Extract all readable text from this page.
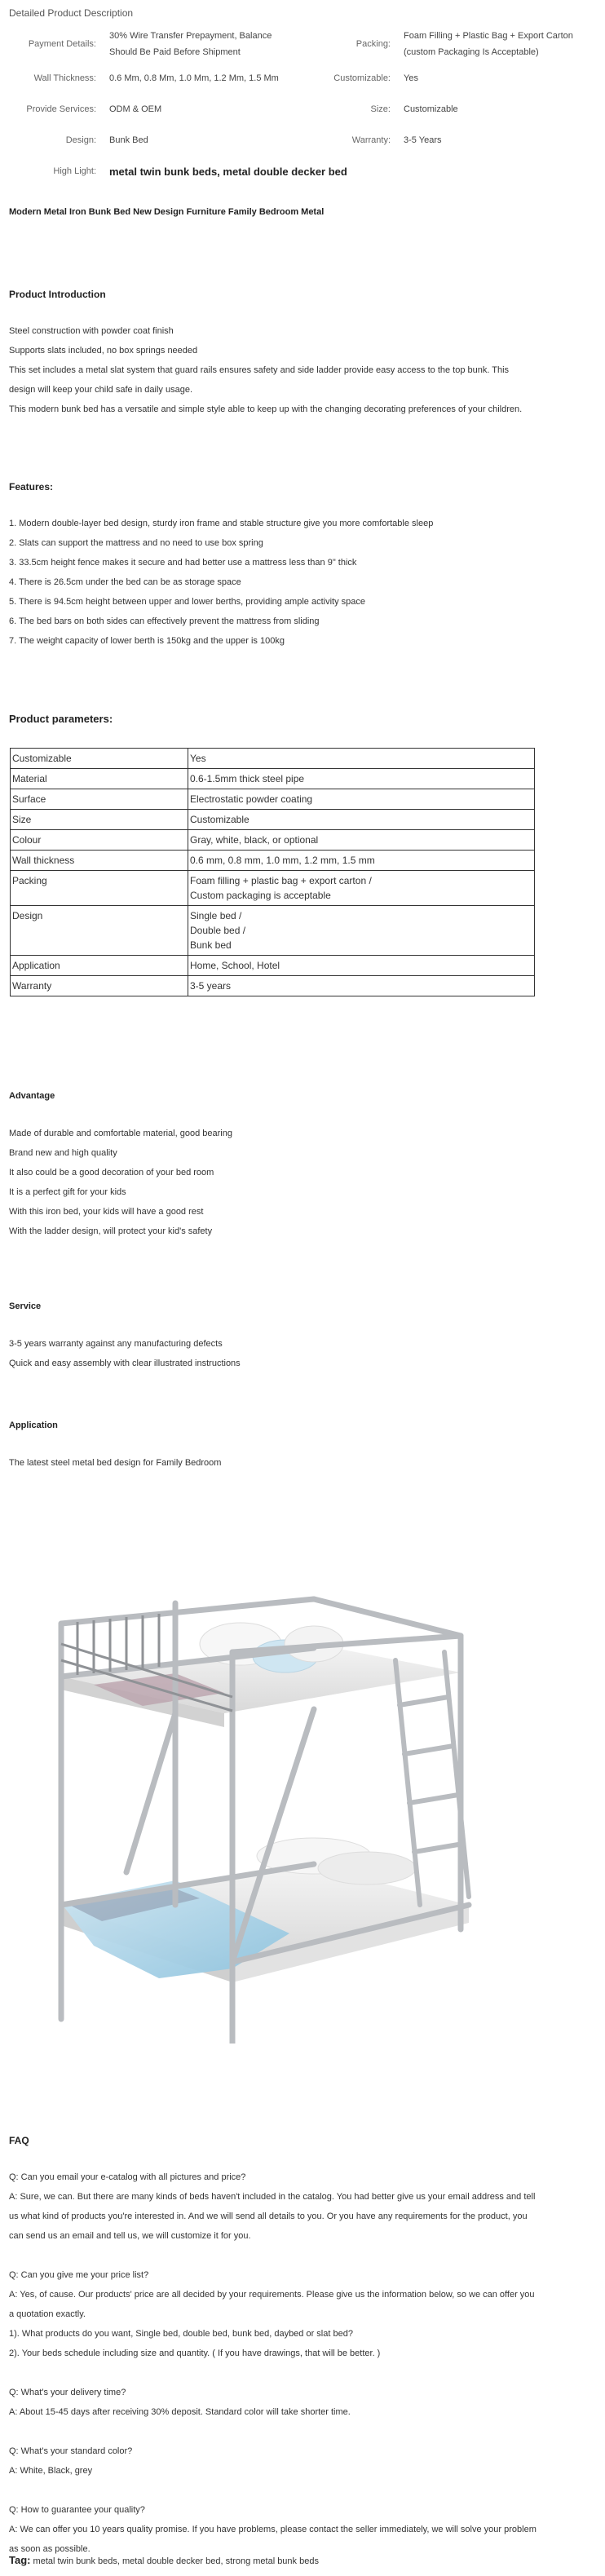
Detailed Product Description
Payment Details:	30% Wire Transfer Prepayment, Balance Should Be Paid Before Shipment	Packing:	Foam Filling + Plastic Bag + Export Carton (custom Packaging Is Acceptable)
Wall Thickness:	0.6 Mm, 0.8 Mm, 1.0 Mm, 1.2 Mm, 1.5 Mm	Customizable:	Yes
Provide Services:	ODM & OEM	Size:	Customizable
Design:	Bunk Bed	Warranty:	3-5 Years
High Light:	metal twin bunk beds, metal double decker bed		
Modern Metal Iron Bunk Bed New Design Furniture Family Bedroom Metal
Product Introduction
Steel construction with powder coat finish
Supports slats included, no box springs needed
This set includes a metal slat system that guard rails ensures safety and side ladder provide easy access to the top bunk. This
design will keep your child safe in daily usage.
This modern bunk bed has a versatile and simple style able to keep up with the changing decorating preferences of your children.
Features:
1. Modern double-layer bed design, sturdy iron frame and stable structure give you more comfortable sleep
2. Slats can support the mattress and no need to use box spring
3. 33.5cm height fence makes it secure and had better use a mattress less than 9" thick
4. There is 26.5cm under the bed can be as storage space
5. There is 94.5cm height between upper and lower berths, providing ample activity space
6. The bed bars on both sides can effectively prevent the mattress from sliding
7. The weight capacity of lower berth is 150kg and the upper is 100kg
Product parameters:
Customizable	Yes

Material	0.6-1.5mm thick steel pipe

Surface	Electrostatic powder coating

Size	Customizable

Colour	Gray, white, black, or optional

Wall thickness	0.6 mm, 0.8 mm, 1.0 mm, 1.2 mm, 1.5 mm

Packing	Foam filling + plastic bag + export carton /
Custom packaging is acceptable

Design	Single bed /
Double bed /
Bunk bed

Application	Home, School, Hotel

Warranty	3-5 years
Advantage
Made of durable and comfortable material, good bearing
Brand new and high quality
It also could be a good decoration of your bed room
It is a perfect gift for your kids
With this iron bed, your kids will have a good rest
With the ladder design, will protect your kid's safety
Service
3-5 years warranty against any manufacturing defects
Quick and easy assembly with clear illustrated instructions
Application
The latest steel metal bed design for Family Bedroom
FAQ
Q: Can you email your e-catalog with all pictures and price?
A: Sure, we can. But there are many kinds of beds haven't included in the catalog. You had better give us your email address and tell
us what kind of products you're interested in. And we will send all details to you. Or you have any requirements for the product, you
can send us an email and tell us, we will customize it for you.
Q: Can you give me your price list?
A: Yes, of cause. Our products' price are all decided by your requirements. Please give us the information below, so we can offer you
a quotation exactly.
1). What products do you want, Single bed, double bed, bunk bed, daybed or slat bed?
2). Your beds schedule including size and quantity. ( If you have drawings, that will be better. )
Q: What's your delivery time?
A: About 15-45 days after receiving 30% deposit. Standard color will take shorter time.
Q: What's your standard color?
A: White, Black, grey
Q: How to guarantee your quality?
A: We can offer you 10 years quality promise. If you have problems, please contact the seller immediately, we will solve your problem
as soon as possible.
Tag: metal twin bunk beds, metal double decker bed, strong metal bunk beds
